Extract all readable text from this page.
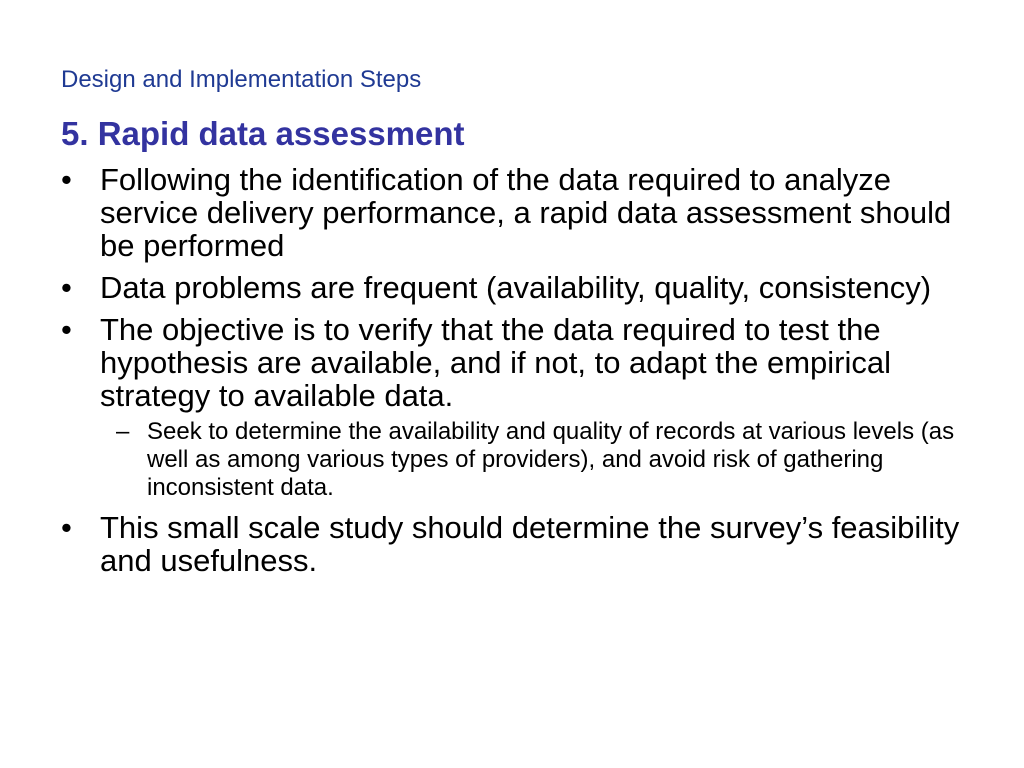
Design and Implementation Steps
5. Rapid data assessment
• Following the identification of the data required to analyze service delivery performance, a rapid data assessment should be performed
• Data problems are frequent (availability, quality, consistency)
• The objective is to verify that the data required to test the hypothesis are available, and if not, to adapt the empirical strategy to available data.
– Seek to determine the availability and quality of records at various levels (as well as among various types of providers), and avoid risk of gathering inconsistent data.
• This small scale study should determine the survey’s feasibility and usefulness.
